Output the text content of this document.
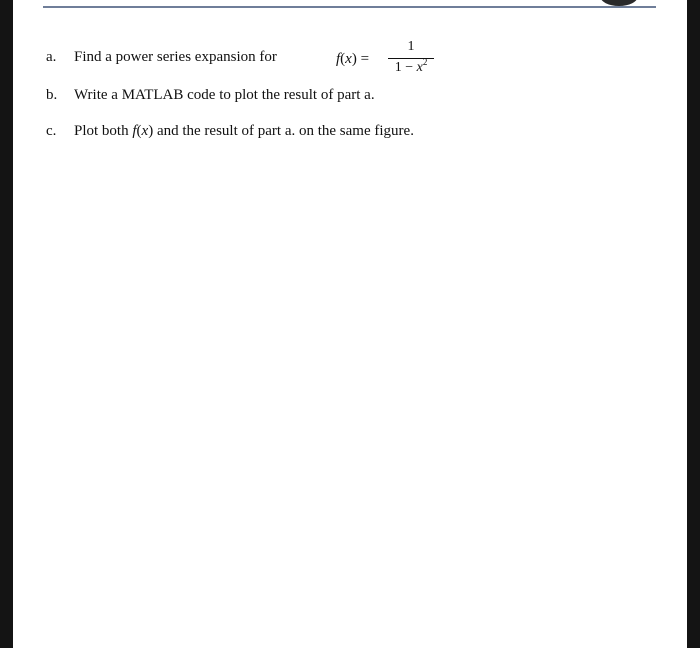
a. Find a power series expansion for	f(x) =
1
$1 - x^2$
b. Write a MATLAB code to plot the result of part a.
c. Plot both f(x) and the result of part a. on the same figure.
